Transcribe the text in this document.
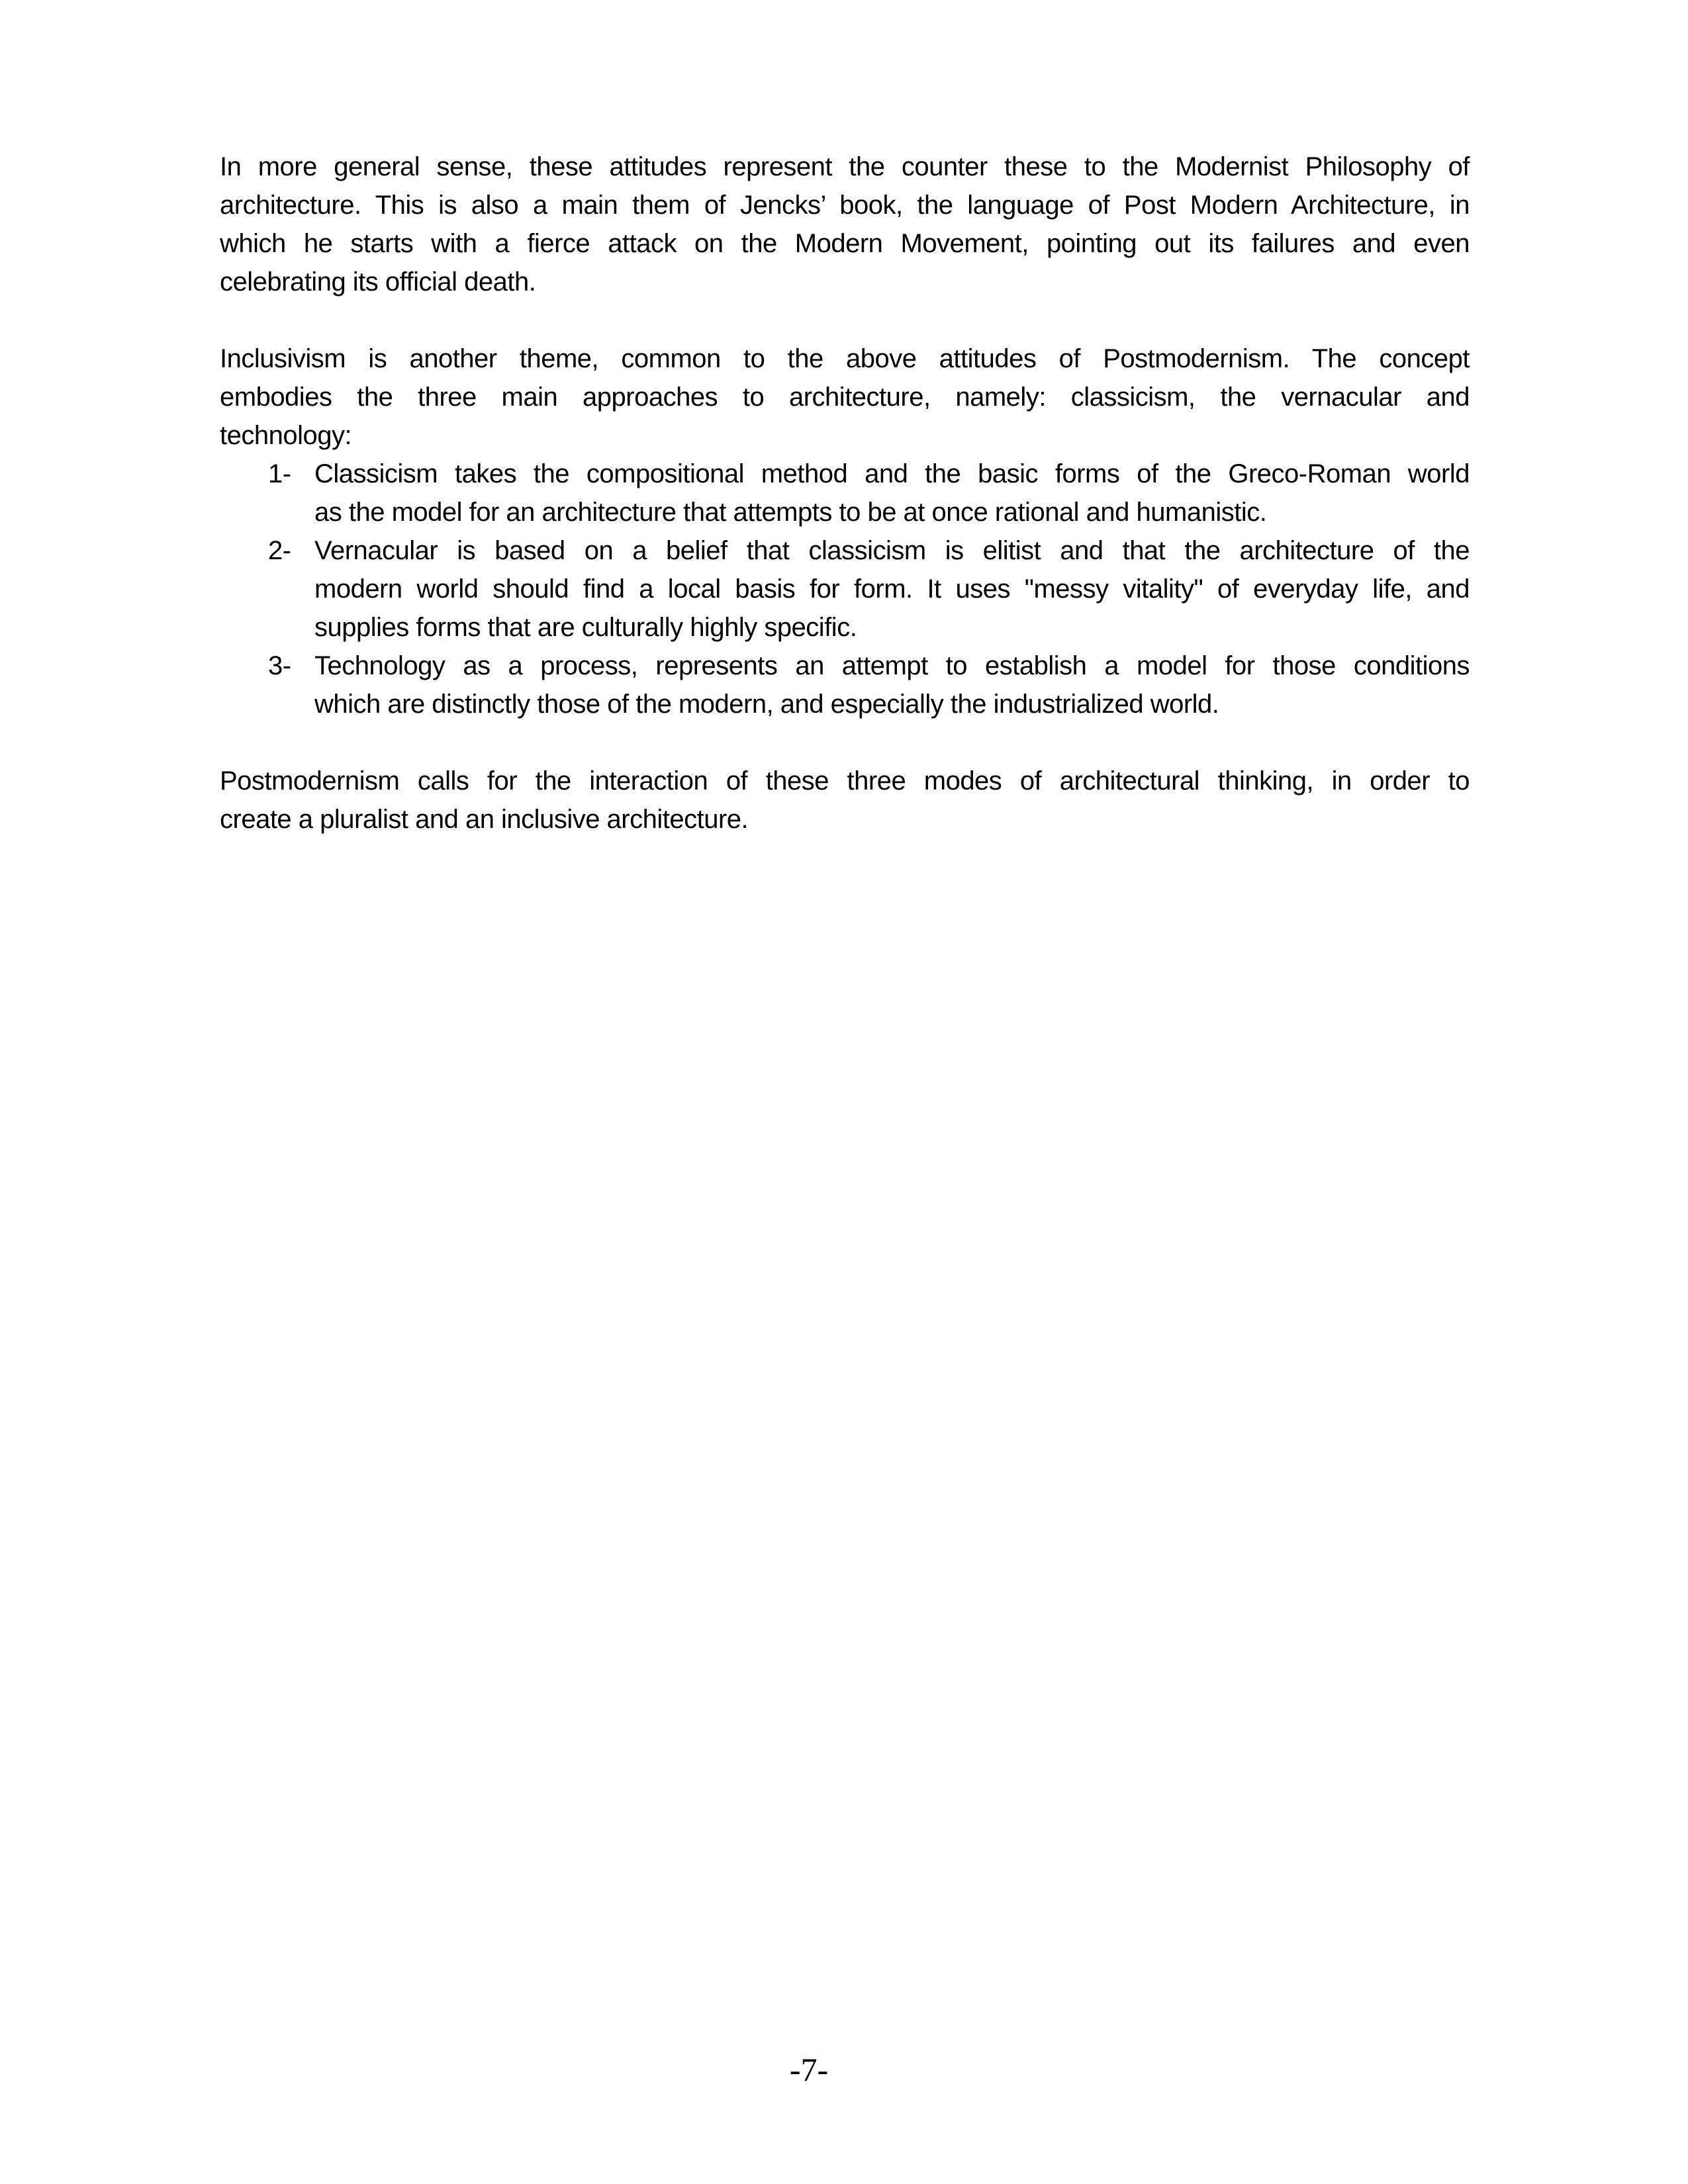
In more general sense, these attitudes represent the counter these to the Modernist Philosophy of
architecture. This is also a main them of Jencks’ book, the language of Post Modern Architecture, in
which he starts with a fierce attack on the Modern Movement, pointing out its failures and even
celebrating its official death.
Inclusivism is another theme, common to the above attitudes of Postmodernism. The concept
embodies the three main approaches to architecture, namely: classicism, the vernacular and
technology:
1- Classicism takes the compositional method and the basic forms of the Greco-Roman world
as the model for an architecture that attempts to be at once rational and humanistic.
2- Vernacular is based on a belief that classicism is elitist and that the architecture of the
modern world should find a local basis for form. It uses "messy vitality" of everyday life, and
supplies forms that are culturally highly specific.
3- Technology as a process, represents an attempt to establish a model for those conditions
which are distinctly those of the modern, and especially the industrialized world.
Postmodernism calls for the interaction of these three modes of architectural thinking, in order to
create a pluralist and an inclusive architecture.
-7-
